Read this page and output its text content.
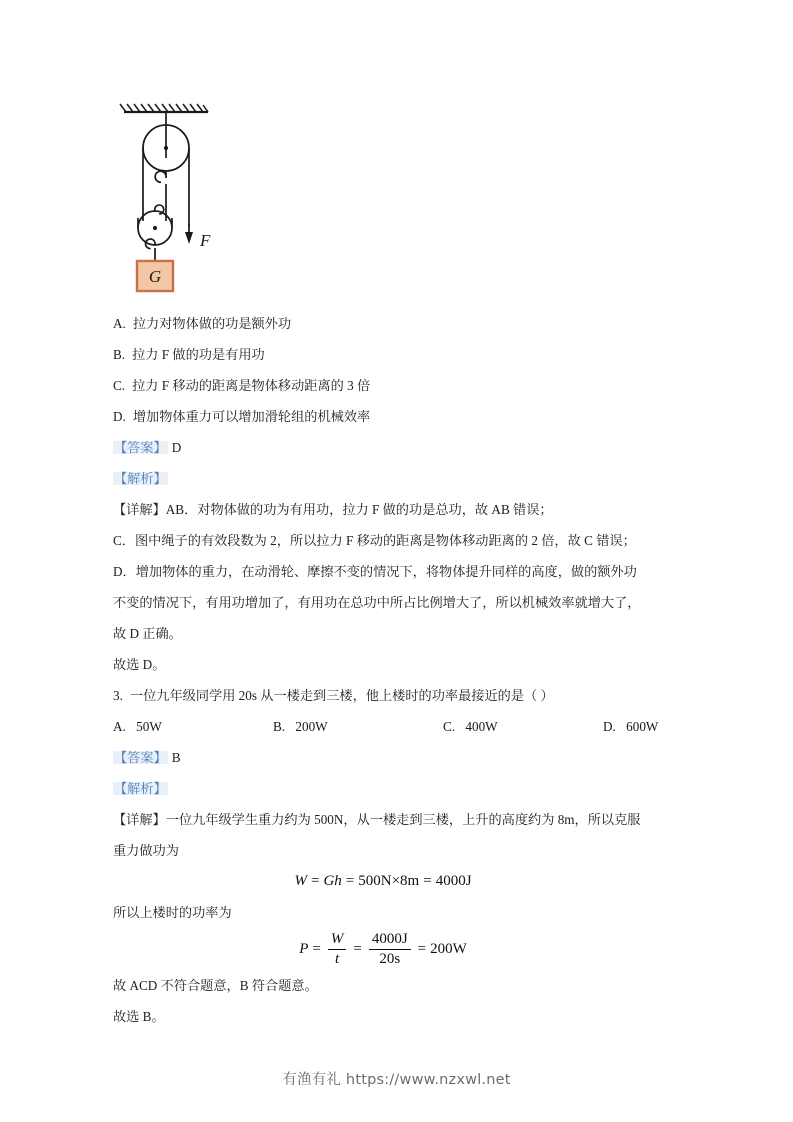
G
F
A. 拉力对物体做的功是额外功
B. 拉力 F 做的功是有用功
C. 拉力 F 移动的距离是物体移动距离的 3 倍
D. 增加物体重力可以增加滑轮组的机械效率
【答案】 D
【解析】
【详解】 AB．对物体做的功为有用功，拉力 F 做的功是总功，故 AB 错误；
C．图中绳子的有效段数为 2，所以拉力 F 移动的距离是物体移动距离的 2 倍，故 C 错误；
D．增加物体的重力，在动滑轮、摩擦不变的情况下，将物体提升同样的高度，做的额外功
不变的情况下，有用功增加了，有用功在总功中所占比例增大了，所以机械效率就增大了，
故 D 正确。
故选 D。
3. 一位九年级同学用 20s 从一楼走到三楼，他上楼时的功率最接近的是（ ）
A. 50W	B. 200W	C. 400W	D. 600W
【答案】 B
【解析】
【详解】 一位九年级学生重力约为 500N，从一楼走到三楼，上升的高度约为 8m，所以克服
重力做功为
W = Gh = 500N×8m = 4000J
所以上楼时的功率为
$P = \frac{W}{t} = \frac{4000J}{20s} = 200W$
故 ACD 不符合题意，B 符合题意。
故选 B。
有渔有礼 https://www.nzxwl.net
